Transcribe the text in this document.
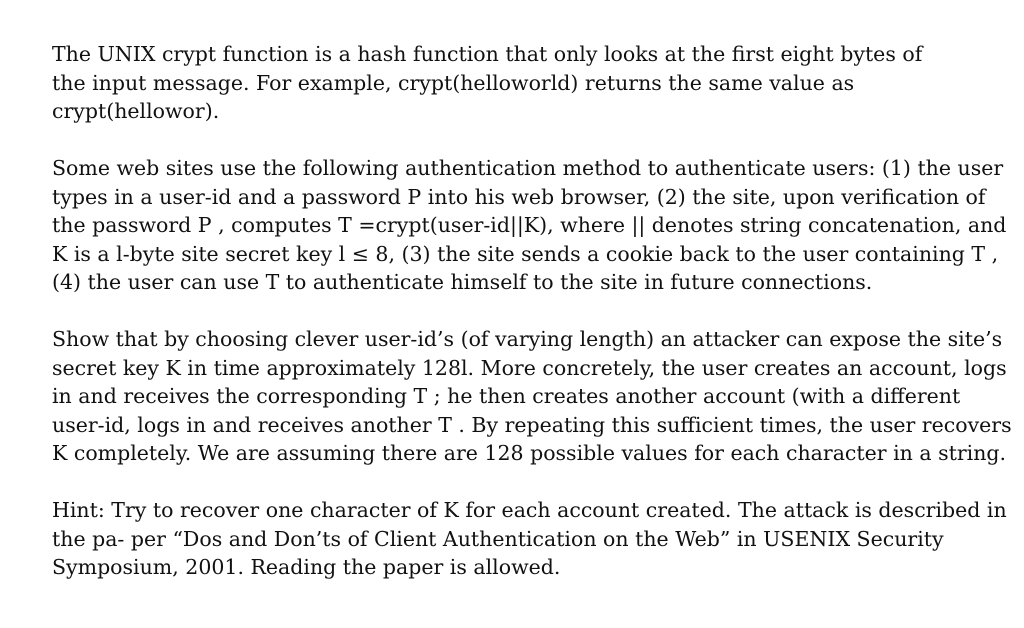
The UNIX crypt function is a hash function that only looks at the first eight bytes of
the input message. For example, crypt(helloworld) returns the same value as
crypt(hellowor).

Some web sites use the following authentication method to authenticate users: (1) the user
types in a user-id and a password P into his web browser, (2) the site, upon verification of
the password P , computes T =crypt(user-id||K), where || denotes string concatenation, and
K is a l-byte site secret key l ≤ 8, (3) the site sends a cookie back to the user containing T ,
(4) the user can use T to authenticate himself to the site in future connections.

Show that by choosing clever user-id’s (of varying length) an attacker can expose the site’s
secret key K in time approximately 128l. More concretely, the user creates an account, logs
in and receives the corresponding T ; he then creates another account (with a different
user-id, logs in and receives another T . By repeating this sufficient times, the user recovers
K completely. We are assuming there are 128 possible values for each character in a string.

Hint: Try to recover one character of K for each account created. The attack is described in
the pa- per “Dos and Don’ts of Client Authentication on the Web” in USENIX Security
Symposium, 2001. Reading the paper is allowed.
